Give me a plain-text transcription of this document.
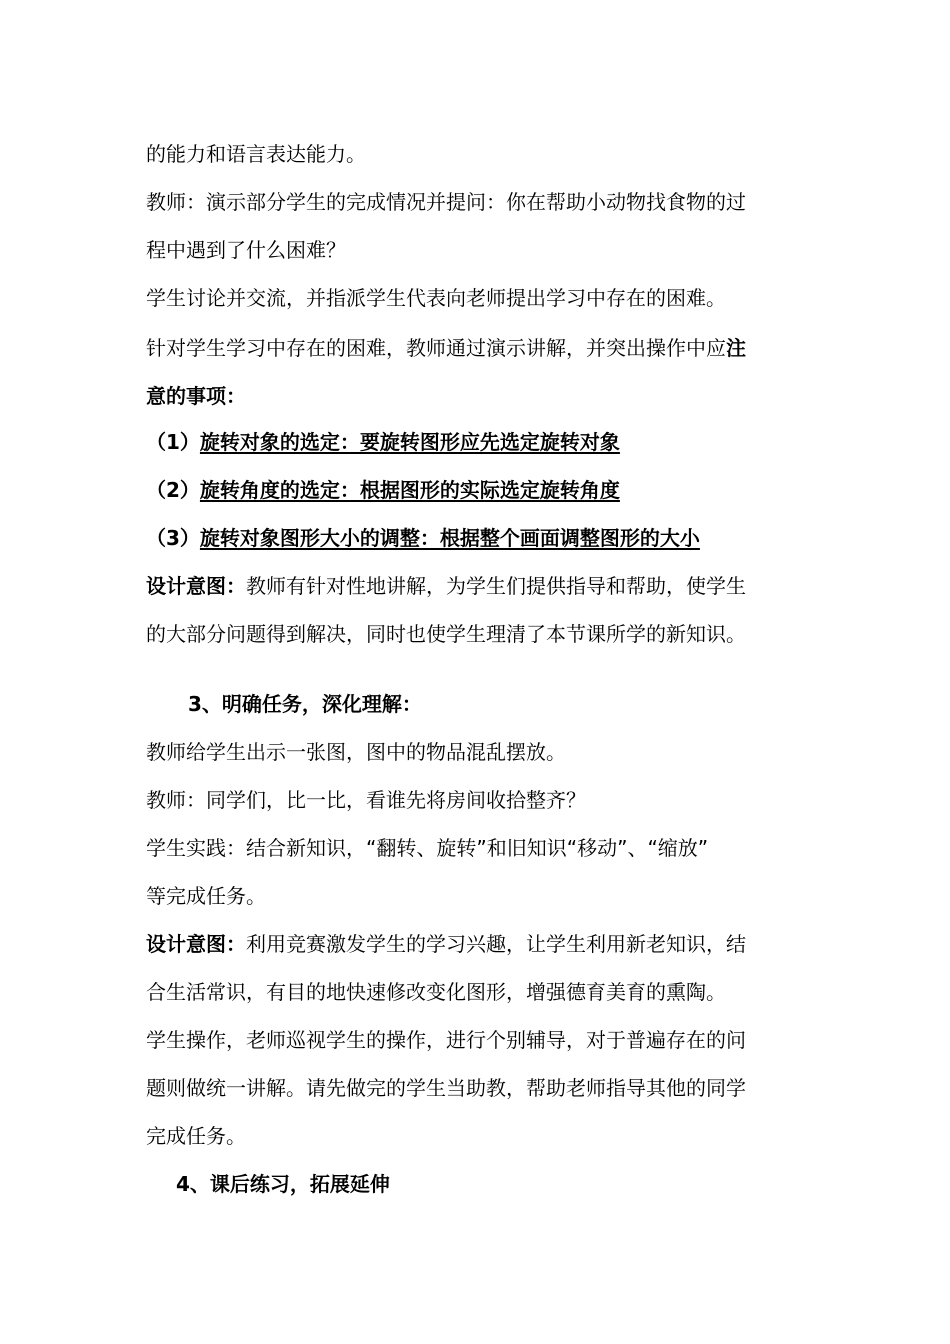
的能力和语言表达能力。
教师：演示部分学生的完成情况并提问：你在帮助小动物找食物的过
程中遇到了什么困难？
学生讨论并交流，并指派学生代表向老师提出学习中存在的困难。
针对学生学习中存在的困难，教师通过演示讲解，并突出操作中应注
意的事项：
（1）旋转对象的选定：要旋转图形应先选定旋转对象
（2）旋转角度的选定：根据图形的实际选定旋转角度
（3）旋转对象图形大小的调整：根据整个画面调整图形的大小
设计意图：教师有针对性地讲解，为学生们提供指导和帮助，使学生
的大部分问题得到解决，同时也使学生理清了本节课所学的新知识。
3、明确任务，深化理解：
教师给学生出示一张图，图中的物品混乱摆放。
教师：同学们，比一比，看谁先将房间收拾整齐？
学生实践：结合新知识，“翻转、旋转”和旧知识“移动”、“缩放”
等完成任务。
设计意图：利用竞赛激发学生的学习兴趣，让学生利用新老知识，结
合生活常识，有目的地快速修改变化图形，增强德育美育的熏陶。
学生操作，老师巡视学生的操作，进行个别辅导，对于普遍存在的问
题则做统一讲解。请先做完的学生当助教，帮助老师指导其他的同学
完成任务。
4、课后练习，拓展延伸
